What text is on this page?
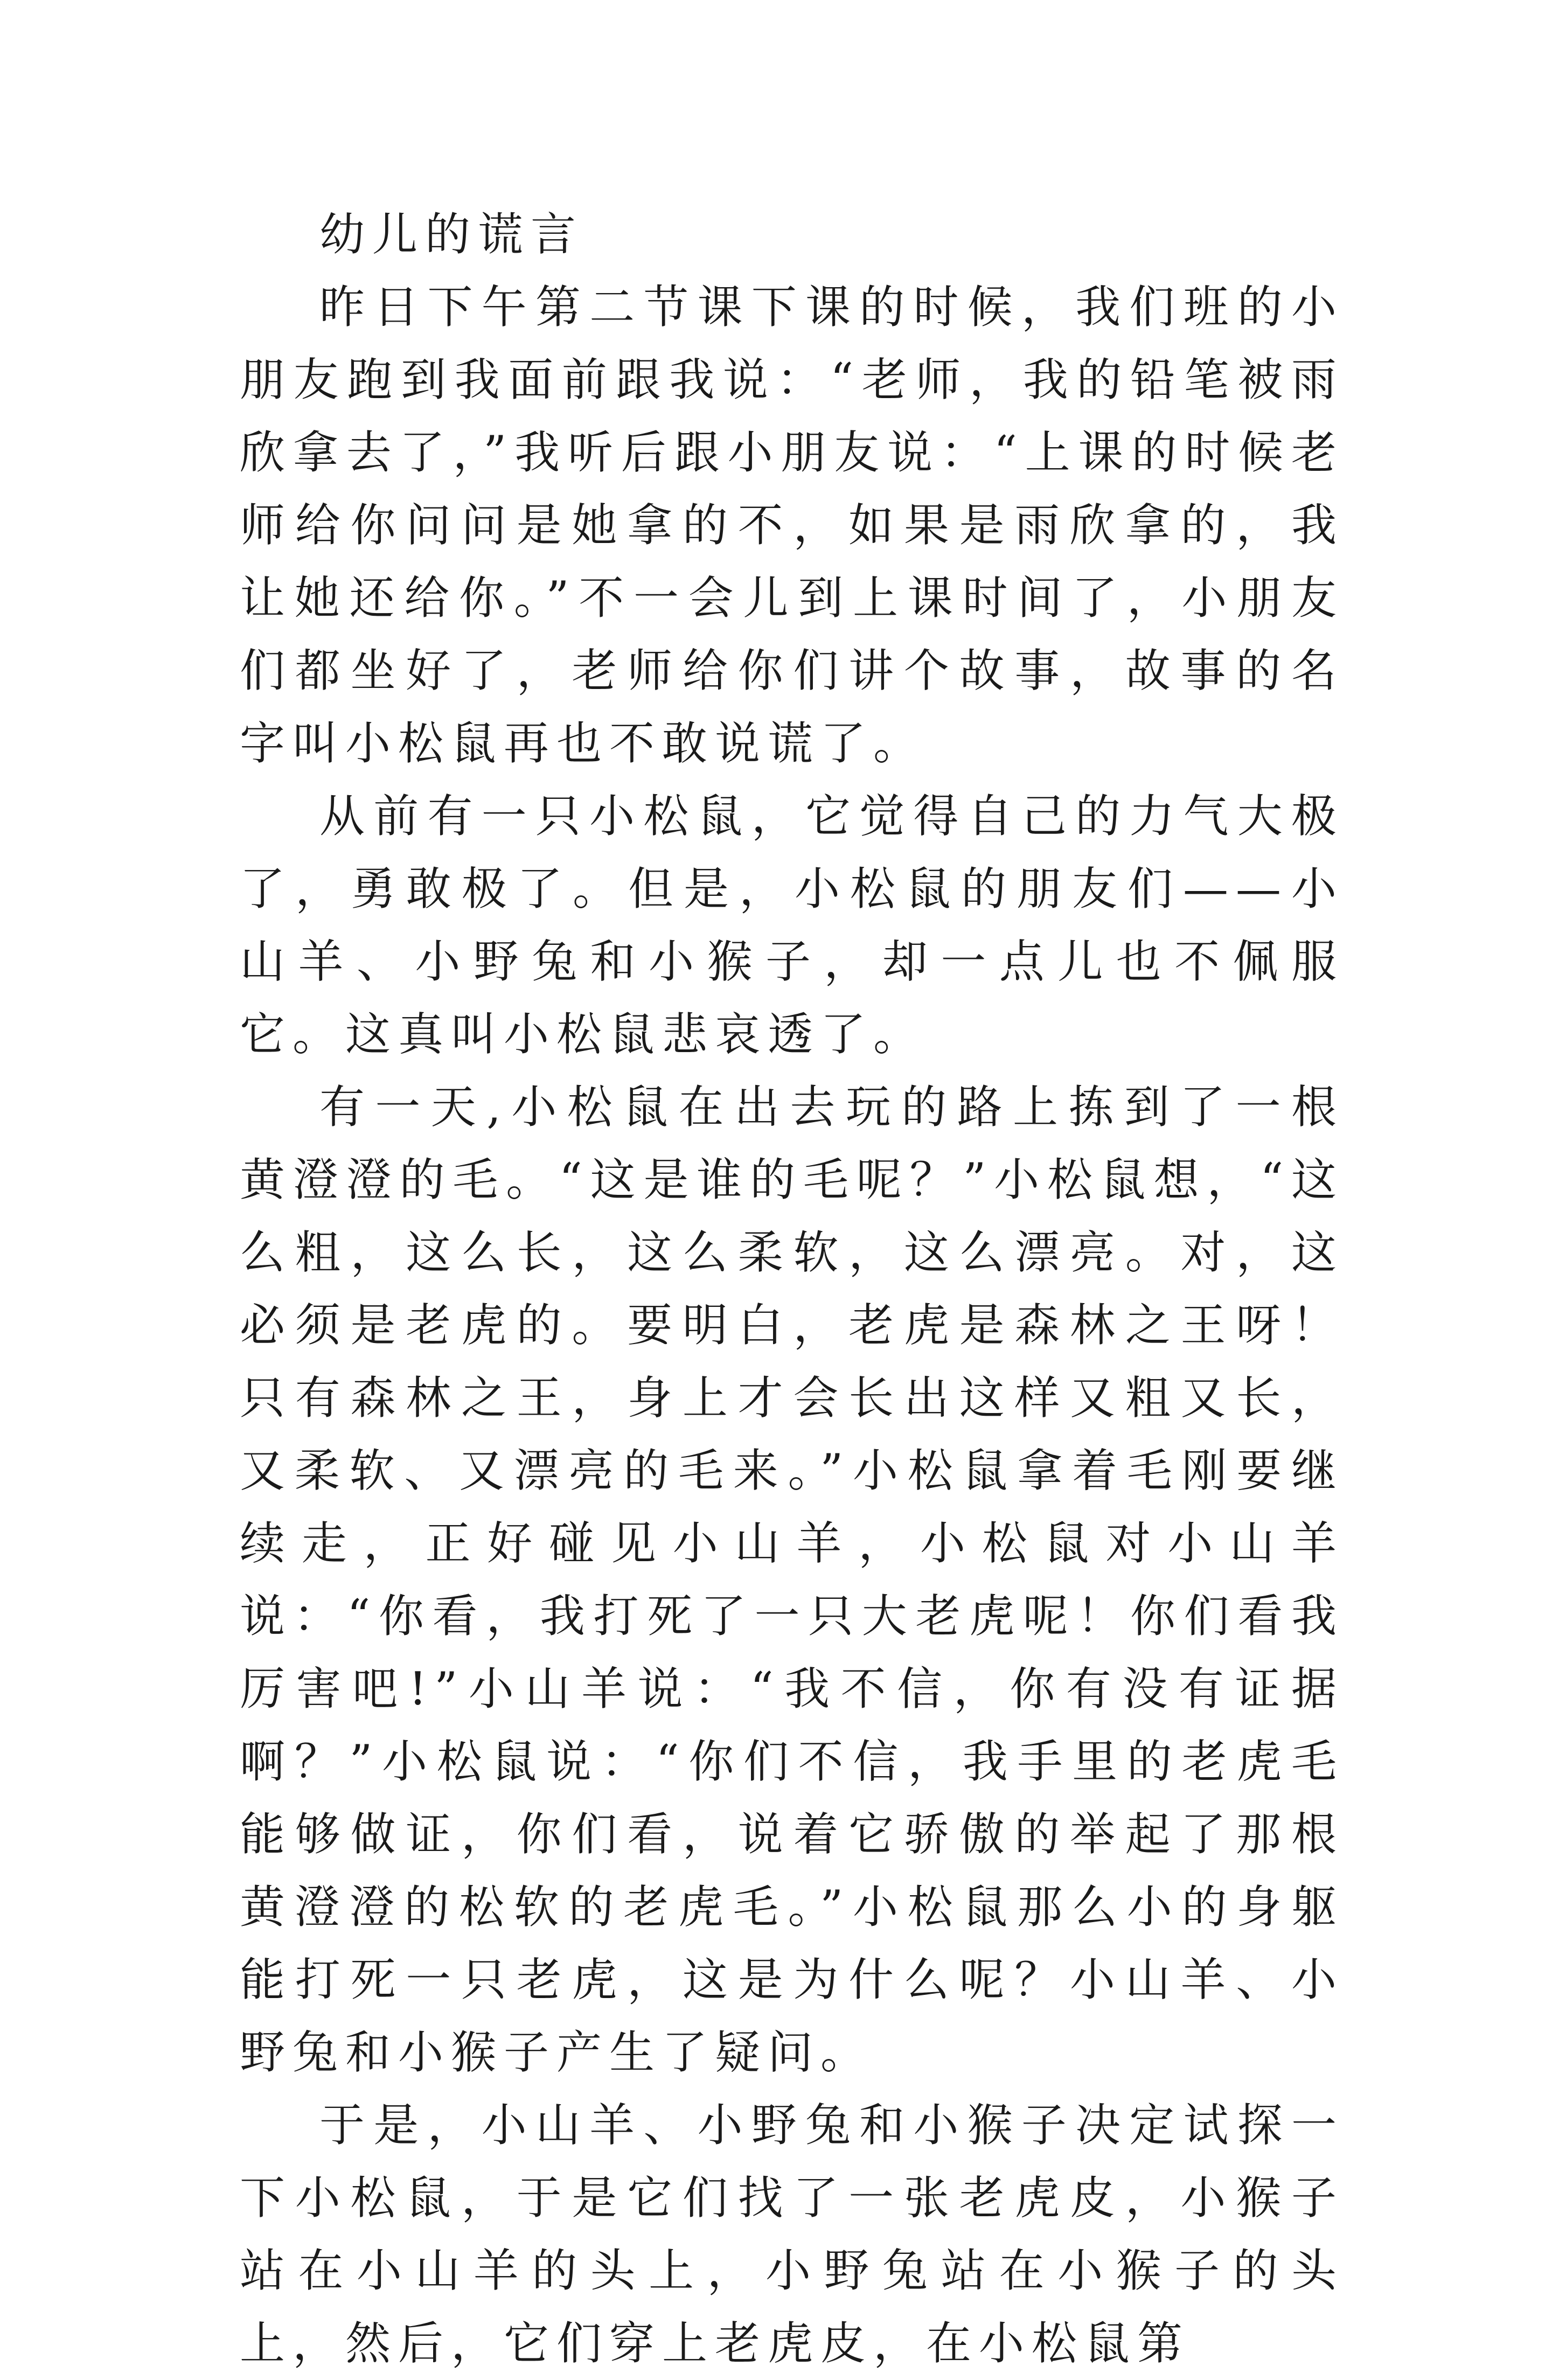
幼儿的谎言

昨日下午第二节课下课的时候，我们班的小朋友跑到我面前跟我说：“老师，我的铅笔被雨欣拿去了，”我听后跟小朋友说：“上课的时候老师给你问问是她拿的不，如果是雨欣拿的，我让她还给你。”不一会儿到上课时间了，小朋友们都坐好了，老师给你们讲个故事，故事的名字叫小松鼠再也不敢说谎了。

从前有一只小松鼠，它觉得自己的力气大极了，勇敢极了。但是，小松鼠的朋友们——小山羊、小野兔和小猴子，却一点儿也不佩服它。这真叫小松鼠悲哀透了。

有一天,小松鼠在出去玩的路上拣到了一根黄澄澄的毛。“这是谁的毛呢？”小松鼠想，“这么粗，这么长，这么柔软，这么漂亮。对，这必须是老虎的。要明白，老虎是森林之王呀！只有森林之王，身上才会长出这样又粗又长，又柔软、又漂亮的毛来。”小松鼠拿着毛刚要继续走，正好碰见小山羊，小松鼠对小山羊说：“你看，我打死了一只大老虎呢！你们看我厉害吧!”小山羊说：“我不信，你有没有证据啊？”小松鼠说：“你们不信，我手里的老虎毛能够做证，你们看，说着它骄傲的举起了那根黄澄澄的松软的老虎毛。”小松鼠那么小的身躯能打死一只老虎，这是为什么呢？小山羊、小野兔和小猴子产生了疑问。

于是，小山羊、小野兔和小猴子决定试探一下小松鼠，于是它们找了一张老虎皮，小猴子站在小山羊的头上，小野兔站在小猴子的头上，然后，它们穿上老虎皮，在小松鼠第
